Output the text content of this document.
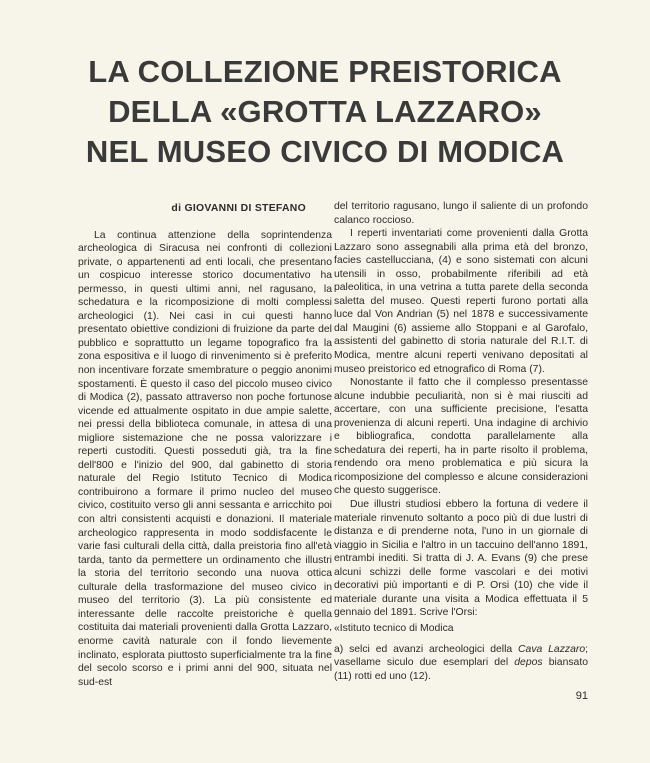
LA COLLEZIONE PREISTORICA
DELLA «GROTTA LAZZARO»
NEL MUSEO CIVICO DI MODICA
di GIOVANNI DI STEFANO

La continua attenzione della soprintendenza archeologica di Siracusa nei confronti di collezioni private, o appartenenti ad enti locali, che presentano un cospicuo interesse storico documentativo ha permesso, in questi ultimi anni, nel ragusano, la schedatura e la ricomposizione di molti complessi archeologici (1). Nei casi in cui questi hanno presentato obiettive condizioni di fruizione da parte del pubblico e soprattutto un legame topografico fra la zona espositiva e il luogo di rinvenimento si è preferito non incentivare forzate smembrature o peggio anonimi spostamenti. È questo il caso del piccolo museo civico di Modica (2), passato attraverso non poche fortunose vicende ed attualmente ospitato in due ampie salette, nei pressi della biblioteca comunale, in attesa di una migliore sistemazione che ne possa valorizzare i reperti custoditi. Questi posseduti già, tra la fine dell'800 e l'inizio del 900, dal gabinetto di storia naturale del Regio Istituto Tecnico di Modica contribuirono a formare il primo nucleo del museo civico, costituito verso gli anni sessanta e arricchito poi con altri consistenti acquisti e donazioni. Il materiale archeologico rappresenta in modo soddisfacente le varie fasi culturali della città, dalla preistoria fino all'età tarda, tanto da permettere un ordinamento che illustri la storia del territorio secondo una nuova ottica culturale della trasformazione del museo civico in museo del territorio (3). La più consistente ed interessante delle raccolte preistoriche è quella costituita dai materiali provenienti dalla Grotta Lazzaro, enorme cavità naturale con il fondo lievemente inclinato, esplorata piuttosto superficialmente tra la fine del secolo scorso e i primi anni del 900, situata nel sud-est

del territorio ragusano, lungo il saliente di un profondo calanco roccioso.

I reperti inventariati come provenienti dalla Grotta Lazzaro sono assegnabili alla prima età del bronzo, facies castellucciana, (4) e sono sistemati con alcuni utensili in osso, probabilmente riferibili ad età paleolitica, in una vetrina a tutta parete della seconda saletta del museo. Questi reperti furono portati alla luce dal Von Andrian (5) nel 1878 e successivamente dal Maugini (6) assieme allo Stoppani e al Garofalo, assistenti del gabinetto di storia naturale del R.I.T. di Modica, mentre alcuni reperti venivano depositati al museo preistorico ed etnografico di Roma (7).

Nonostante il fatto che il complesso presentasse alcune indubbie peculiarità, non si è mai riusciti ad accertare, con una sufficiente precisione, l'esatta provenienza di alcuni reperti. Una indagine di archivio e bibliografica, condotta parallelamente alla schedatura dei reperti, ha in parte risolto il problema, rendendo ora meno problematica e più sicura la ricomposizione del complesso e alcune considerazioni che questo suggerisce.

Due illustri studiosi ebbero la fortuna di vedere il materiale rinvenuto soltanto a poco più di due lustri di distanza e di prenderne nota, l'uno in un giornale di viaggio in Sicilia e l'altro in un taccuino dell'anno 1891, entrambi inediti. Si tratta di J. A. Evans (9) che prese alcuni schizzi delle forme vascolari e dei motivi decorativi più importanti e di P. Orsi (10) che vide il materiale durante una visita a Modica effettuata il 5 gennaio del 1891. Scrive l'Orsi:

«Istituto tecnico di Modica

a) selci ed avanzi archeologici della Cava Lazzaro; vasellame siculo due esemplari del depos biansato (11) rotti ed uno (12).

91
